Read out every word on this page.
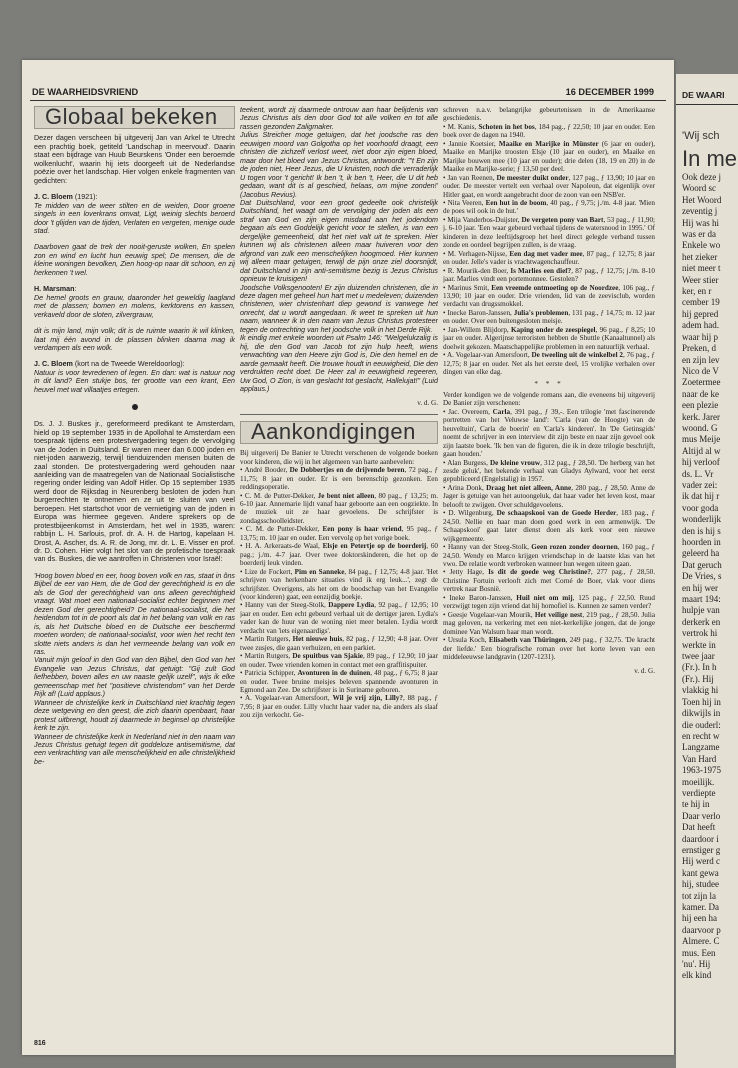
DE WAARHEIDSVRIEND	16 DECEMBER 1999
Globaal bekeken

Dezer dagen verscheen bij uitgeverij Jan van Arkel te Utrecht een prachtig boek, getiteld 'Landschap in meervoud'. Daarin staat een bijdrage van Huub Beurskens 'Onder een beroemde wolkenlucht', waarin hij iets doorgeeft uit de Nederlandse poëzie over het landschap. Hier volgen enkele fragmenten van gedichten:

J. C. Bloem (1921):

Te midden van de weer stilten en de weiden, Door groene singels in een loverkrans omvat, Ligt, weinig slechts beroerd door 't glijden van de tijden, Verlaten en vergeten, menige oude stad.

Daarboven gaat de trek der nooit-geruste wolken, En spelen zon en wind en lucht hun eeuwig spel; De mensen, die de kleine woningen bevolken, Zien hoog-op naar dit schoon, en zij herkennen 't wel.

H. Marsman:

De hemel groots en grauw, daaronder het geweldig laagland met de plassen; bomen en molens, kerktorens en kassen, verkaveld door de sloten, zilvergrauw,

dit is mijn land, mijn volk; dit is de ruimte waarin ik wil klinken, laat mij één avond in de plassen blinken daarna mag ik verdampen als een wolk.

J. C. Bloem (kort na de Tweede Wereldoorlog):

Natuur is voor tevredenen of legen. En dan: wat is natuur nog in dit land? Een stukje bos, ter grootte van een krant, Een heuvel met wat villaatjes ertegen.

Ds. J. J. Buskes jr., gereformeerd predikant te Amsterdam, hield op 19 september 1935 in de Apollohal te Amsterdam een toespraak tijdens een protestvergadering tegen de vervolging van de Joden in Duitsland. Er waren meer dan 6.000 joden en niet-joden aanwezig, terwijl tienduizenden mensen buiten de zaal stonden. De protestvergadering werd gehouden naar aanleiding van de maatregelen van de Nationaal Socialistische regering onder leiding van Adolf Hitler. Op 15 september 1935 werd door de Rijksdag in Neurenberg besloten de joden hun burgerrechten te ontnemen en ze uit te sluiten van veel beroepen. Het startschot voor de vernietiging van de joden in Europa was hiermee gegeven. Andere sprekers op de protestbijeenkomst in Amsterdam, het wel in 1935, waren: rabbijn L. H. Sarlouis, prof. dr. A. H. de Hartog, kapelaan H. Drost, A. Ascher, ds. A. R. de Jong, mr. dr. L. E. Visser en prof. dr. D. Cohen. Hier volgt het slot van de profetische toespraak van ds. Buskes, die we aantroffen in Christenen voor Israël:

'Hoog boven bloed en eer, hoog boven volk en ras, staat in ôns Bijbel de eer van Hem, die de God der gerechtigheid is en die als de God der gerechtigheid van ons alleen gerechtigheid vraagt. Wat moet een nationaal-socialist echter beginnen met dezen God der gerechtigheid? De nationaal-socialist, die het heidendom tot in de poort als dat in het belang van volk en ras is, als het Duitsche bloed en de Duitsche eer beschermd moeten worden; de nationaal-socialist, voor wien het recht ten slotte niets anders is dan het vermeende belang van volk en ras.

Vanuit mijn geloof in den God van den Bijbel, den God van het Evangelie van Jezus Christus, dat getuigt: "Gij zult God liefhebben, boven alles en uw naaste gelijk uzelf", wijs ik elke gemeenschap met het "positieve christendom" van het Derde Rijk af! (Luid applaus.)

Wanneer de christelijke kerk in Duitschland niet krachtig tegen deze wetgeving en den geest, die zich daarin openbaart, haar protest uitbrengt, houdt zij daarmede in beginsel op christelijke kerk te zijn.

Wanneer de christelijke kerk in Nederland niet in den naam van Jezus Christus getuigt tegen dit goddeloze antisemitisme, dat een verkrachting van alle menschelijkheid en alle christelijkheid be-

teekent, wordt zij daarmede ontrouw aan haar belijdenis van Jezus Christus als den door God tot alle volken en tot alle rassen gezonden Zaligmaker.

Julius Streicher moge getuigen, dat het joodsche ras den eeuwigen moord van Golgotha op het voorhoofd draagt, een christen die zichzelf verlost weet, niet door zijn eigen bloed, maar door het bloed van Jezus Christus, antwoordt: "'t En zijn de joden niet, Heer Jezus, die U kruisten, noch die verraderlijk U togen voor 't gericht! Ik ben 't, ik ben 't, Heer, die U dit heb gedaan, want dit is al geschied, helaas, om mijne zonden!' (Jacobus Revius).

Dat Duitschland, voor een groot gedeelte ook christelijk Duitschland, het waagt om de vervolging der joden als een straf van God en zijn eigen misdaad aan het jodendom begaan als een Goddelijk gericht voor te stellen, is van een dergelijke gemeenheid, dat het niet valt uit te spreken. Hier kunnen wij als christenen alleen maar huiveren voor den afgrond van zulk een menschelijken hoogmoed. Hier kunnen wij alleen maar getuigen, terwijl de pijn onze ziel doorsnijdt, dat Duitschland in zijn anti-semitisme bezig is Jezus Christus opnieuw te kruisigen!

Joodsche Volksgenooten! Er zijn duizenden christenen, die in deze dagen met geheel hun hart met u medeleven; duizenden christenen, wier christenhart diep gewond is vanwege het onrecht, dat u wordt aangedaan. Ik weet te spreken uit hun naam, wanneer ik in den naam van Jezus Christus protesteer tegen de ontrechting van het joodsche volk in het Derde Rijk.

Ik eindig met enkele woorden uit Psalm 146: "Welgelukzalig is hij, die den God van Jacob tot zijn hulp heeft, wiens verwachting van den Heere zijn God is, Die den hemel en de aarde gemaakt heeft. Die trouwe houdt in eeuwigheid, Die den verdrukten recht doet. De Heer zal in eeuwigheid regeeren, Uw God, O Zion, is van geslacht tot geslacht, Hallelujat!" (Luid applaus.)

v. d. G.
Aankondigingen

Bij uitgeverij De Banier te Utrecht verschenen de volgende boeken voor kinderen, die wij in het algemeen van harte aanbevelen:

• André Booder, De Dobbertjes en de drijvende beren, 72 pag., ƒ 11,75; 8 jaar en ouder. Er is een berenschip gezonken. Een reddingsoperatie.

• C. M. de Putter-Dekker, Je bent niet alleen, 80 pag., ƒ 13,25; m. 6-10 jaar. Annemarie lijdt vanaf haar geboorte aan een oogziekte. In de muziek uit ze haar gevoelens. De schrijfster is zondagsschoolleidster.

• C. M. de Putter-Dekker, Een pony is haar vriend, 95 pag., ƒ 13,75; m. 10 jaar en ouder. Een vervolg op het vorige boek.

• H. A. Arkeraats-de Waal, Elsje en Petertje op de boerderij, 60 pag.; j./m. 4-7 jaar. Over twee doktorskinderen, die het op de boerderij leuk vinden.

• Lize de Fockert, Pim en Sanneke, 84 pag., ƒ 12,75; 4-8 jaar. 'Het schrijven van herkenbare situaties vind ik erg leuk...', zegt de schrijfster. Overigens, als het om de boodschap van het Evangelie (voor kinderen) gaat, een eenzijdig boekje.

• Hanny van der Steeg-Stolk, Dappere Lydia, 92 pag., ƒ 12,95; 10 jaar en ouder. Een echt gebeurd verhaal uit de dertiger jaren. Lydia's vader kan de huur van de woning niet meer betalen. Lydia wordt verdacht van 'iets eigenaardigs'.

• Martin Rutgers, Het nieuwe huis, 82 pag., ƒ 12,90; 4-8 jaar. Over twee zusjes, die gaan verhuizen, en een parkiet.

• Martin Rutgers, De spuitbus van Sjakie, 89 pag., ƒ 12,90; 10 jaar en ouder. Twee vrienden komen in contact met een graffitispuiter.

• Patricia Schipper, Avonturen in de duinen, 48 pag., ƒ 6,75; 8 jaar en ouder. Twee bruine meisjes beleven spannende avonturen in Egmond aan Zee. De schrijfster is in Suriname geboren.

• A. Vogelaar-van Amersfoort, Wil je vrij zijn, Lilly?, 88 pag., ƒ 7,95; 8 jaar en ouder. Lilly vlucht haar vader na, die anders als slaaf zou zijn verkocht. Ge-

schreven n.a.v. belangrijke gebeurtenissen in de Amerikaanse geschiedenis.

• M. Kanis, Schoten in het bos, 184 pag., ƒ 22,50; 10 jaar en ouder. Een boek over de dagen na 1940.

• Jannie Koetsier, Maaike en Marijke in Münster (6 jaar en ouder), Maaike en Marijke troosten Elsje (10 jaar en ouder), en Maaike en Marijke bouwen mee (10 jaar en ouder); drie delen (18, 19 en 20) in de Maaike en Marijke-serie; ƒ 13,50 per deel.

• Jan van Reenen, De meester duikt onder, 127 pag., ƒ 13,90; 10 jaar en ouder. De meester vertelt een verhaal over Napoleon, dat eigenlijk over Hitler gaat, en wordt aangebracht door de zoon van een NSB'er.

• Nita Veeren, Een hut in de boom, 40 pag., ƒ 9,75; j./m. 4-8 jaar. 'Mien de poes wil ook in de hut.'

• Mija Vanderbos-Duijster, De vergeten pony van Bart, 53 pag., ƒ 11,90; j. 6-10 jaar. 'Een waar gebeurd verhaal tijdens de watersnood in 1995.' Of kinderen in deze leeftijdsgroep het heel direct gelegde verband tussen zonde en oordeel begrijpen zullen, is de vraag.

• M. Verhagen-Nijsse, Een dag met vader mee, 87 pag., ƒ 12,75; 8 jaar en ouder. Jelle's vader is vrachtwagenchauffeur.

• R. Mourik-den Boer, Is Marlies een dief?, 87 pag., ƒ 12,75; j./m. 8-10 jaar. Marlies vindt een portemonnee. Gestolen?

• Marinus Smit, Een vreemde ontmoeting op de Noordzee, 106 pag., ƒ 13,90; 10 jaar en ouder. Drie vrienden, lid van de zeevisclub, worden verdacht van drugssmokkel.

• Inecke Baron-Janssen, Julia's problemen, 131 pag., ƒ 14,75; m. 12 jaar en ouder. Over een buitengesloten meisje.

• Jan-Willem Blijdorp, Kaping onder de zeespiegel, 96 pag., ƒ 8,25; 10 jaar en ouder. Algerijnse terroristen hebben de Shuttle (Kanaaltunnel) als doelwit gekozen. Maatschappelijke problemen in een natuurlijk verhaal.

• A. Vogelaar-van Amersfoort, De tweeling uit de winkelbel 2, 76 pag., ƒ 12,75; 8 jaar en ouder. Net als het eerste deel, 15 vrolijke verhalen over dingen van elke dag.

* * *

Verder kondigen we de volgende romans aan, die eveneens bij uitgeverij De Banier zijn verschenen:

• Jac. Overeem, Carla, 391 pag., ƒ 39,-. Een trilogie 'met fascinerende portretten van het Veluwse land': 'Carla (van de Hoogte) van de heuveltuin', Carla de boerin' en 'Carla's kinderen'. In 'De Getinsgids' noemt de schrijver in een interview dit zijn beste en naar zijn gevoel ook zijn laatste boek. 'Ik ben van de figuren, die ik in deze trilogie beschrijft, gaan houden.'

• Alan Burgess, De kleine vrouw, 312 pag., ƒ 28,50. 'De herberg van het zesde geluk', het bekende verhaal van Gladys Aylward, voor het eerst gepubliceerd (Engelstalig) in 1957.

• Arina Donk, Draag het niet alleen, Anne, 280 pag., ƒ 28,50. Anne de Jager is getuige van het autoongeluk, dat haar vader het leven kost, maar belooft te zwijgen. Over schuldgevoelens.

• D. Wilgenburg, De schaapskooi van de Goede Herder, 183 pag., ƒ 24,50. Nellie en haar man doen goed werk in een armenwijk. 'De Schaapskooi' gaat later dienst doen als kerk voor een nieuwe wijkgemeente.

• Hanny van der Steeg-Stolk, Geen rozen zonder doornen, 160 pag., ƒ 24,50. Wendy en Marco krijgen vriendschap in de laatste klas van het vwo. De relatie wordt verbroken wanneer hun wegen uiteen gaan.

• Jetty Hage, Is dit de goede weg Christine?, 277 pag., ƒ 28,50. Christine Fortuin verlooft zich met Corné de Boer, vlak voor diens vertrek naar Bosnië.

• Ineke Baron-Janssen, Huil niet om mij, 125 pag., ƒ 22,50. Ruud verzwijgt tegen zijn vriend dat hij homofiel is. Kunnen ze samen verder?

• Geesje Vogelaar-van Mourik, Het veilige nest, 219 pag., ƒ 28,50. Julia mag geloven, na verkering met een niet-kerkelijke jongen, dat de jonge dominee Van Walsum haar man wordt.

• Ursula Koch, Elisabeth van Thüringen, 249 pag., ƒ 32,75. 'De kracht der liefde.' Een biografische roman over het korte leven van een middeleeuwse landgravin (1207-1231).

v. d. G.
816
DE WAARI
'Wij sch
In me
Ook deze j
Woord sc
Het Woord
zeventig j
Hij was hi
was er da
Enkele wo
het zieker
niet meer t
Weer stier
ker, en r
cember 19
hij gepred
adem had.
waar hij p
Preken, d
en zijn lev
Nico de V
Zoetermee
naar de ke
een plezie
kerk. Jarer
woond. G
mus Meije
Altijd al w
hij verloof
ds. L. Vr
vader zei:
ik dat hij r
voor goda
wonderlijk
den is hij s
hoorden in
geleerd ha
Dat geruch
De Vries, s
en hij wer
maart 194:
hulpje van
derkerk en
vertrok hi
werkte in
twee jaar
(Fr.). In h
(Fr.). Hij
vlakkig hi
Toen hij in
dikwijls in
die ouderl:
en recht w
Langzame
Van Hard
1963-1975
moeilijk.
verdiepte
te hij in
Daar verlo
Dat heeft
daardoor i
ernstiger g
Hij werd c
kant gewa
hij, studee
tot zijn la
kamer. Da
hij een ha
daarvoor p
Almere. C
mus. Een
'nu'. Hij
elk kind
